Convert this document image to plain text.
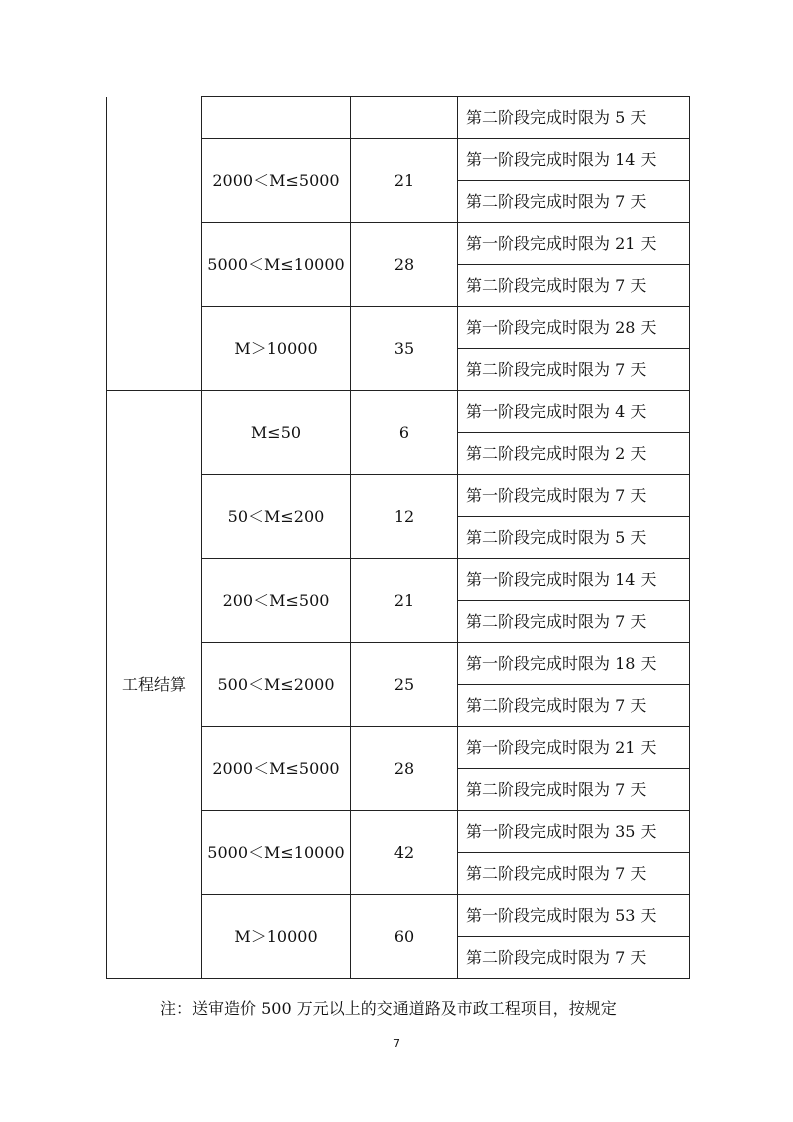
			第二阶段完成时限为 5 天
	2000＜M≤5000	21	第一阶段完成时限为 14 天
			第二阶段完成时限为 7 天
	5000＜M≤10000	28	第一阶段完成时限为 21 天
			第二阶段完成时限为 7 天
	M＞10000	35	第一阶段完成时限为 28 天
			第二阶段完成时限为 7 天
工程结算	M≤50	6	第一阶段完成时限为 4 天
			第二阶段完成时限为 2 天
	50＜M≤200	12	第一阶段完成时限为 7 天
			第二阶段完成时限为 5 天
	200＜M≤500	21	第一阶段完成时限为 14 天
			第二阶段完成时限为 7 天
	500＜M≤2000	25	第一阶段完成时限为 18 天
			第二阶段完成时限为 7 天
	2000＜M≤5000	28	第一阶段完成时限为 21 天
			第二阶段完成时限为 7 天
	5000＜M≤10000	42	第一阶段完成时限为 35 天
			第二阶段完成时限为 7 天
	M＞10000	60	第一阶段完成时限为 53 天
			第二阶段完成时限为 7 天
注：送审造价 500 万元以上的交通道路及市政工程项目，按规定
7
